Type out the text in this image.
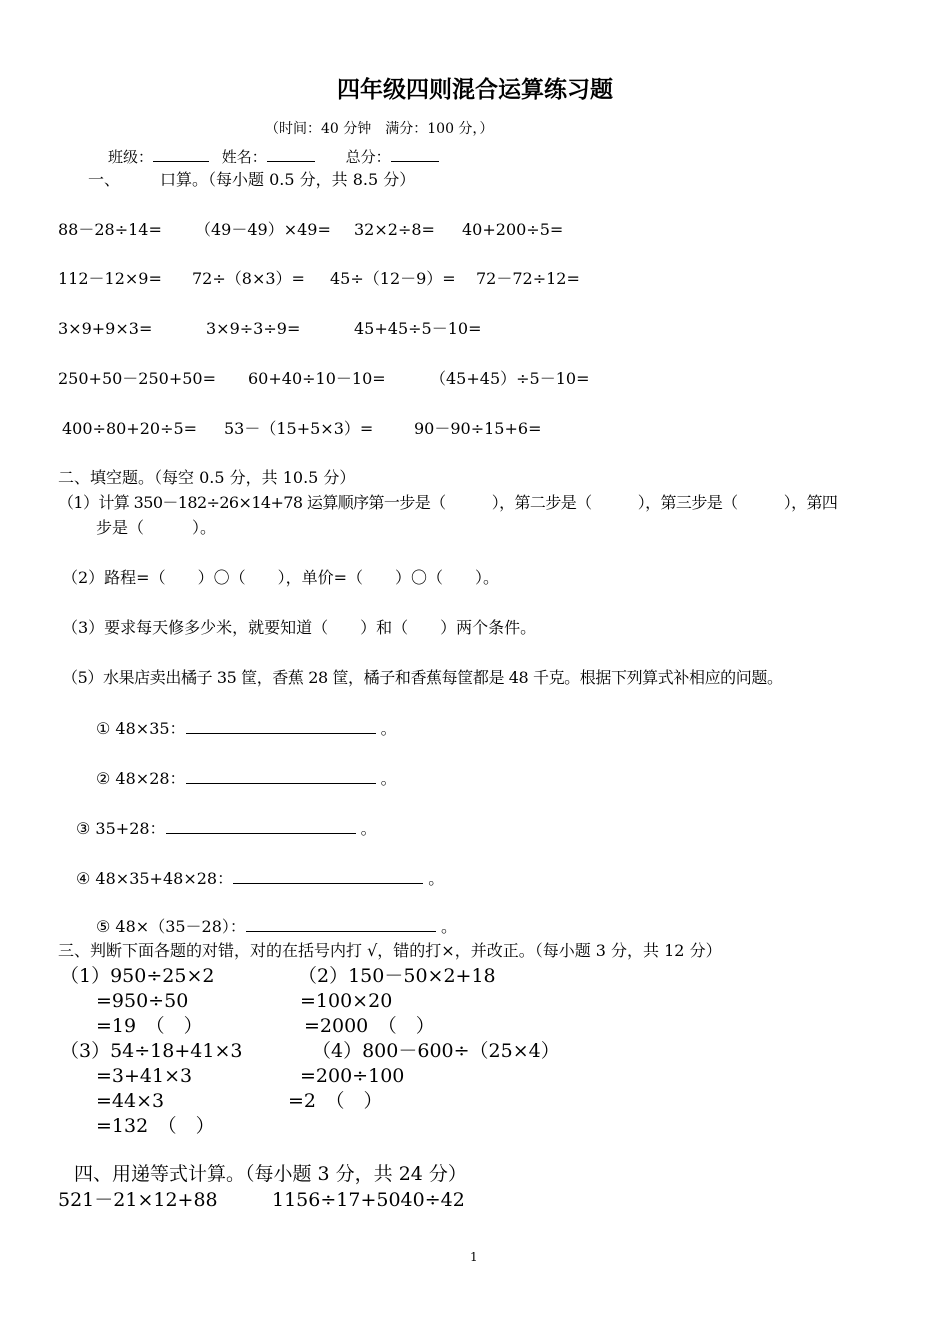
四年级四则混合运算练习题
（时间：40 分钟　满分：100 分，）
班级：	姓名：	总分：
一、 口算。（每小题 0.5 分，共 8.5 分）
88－28÷14= （49－49）×49= 32×2÷8= 40+200÷5=
112－12×9= 72÷（8×3）= 45÷（12－9）= 72－72÷12=
3×9+9×3=	3×9÷3÷9=	45+45÷5－10=
250+50－250+50= 60+40÷10－10=	（45+45）÷5－10=
400÷80+20÷5= 53－（15+5×3）=	90－90÷15+6=
二、填空题。（每空 0.5 分，共 10.5 分）
（1）计算 350－182÷26×14+78 运算顺序第一步是（　　　），第二步是（　　　），第三步是（　　　），第四
步是（　　　）。
（2）路程=（　　）〇（　　），单价=（　　）〇（　　）。
（3）要求每天修多少米，就要知道（　　）和（　　）两个条件。
（5）水果店卖出橘子 35 筐，香蕉 28 筐，橘子和香蕉每筐都是 48 千克。根据下列算式补相应的问题。
① 48×35：	。
② 48×28：	。
③ 35+28：	。
④ 48×35+48×28：	。
⑤ 48×（35－28）：	。
三、判断下面各题的对错，对的在括号内打 √，错的打×，并改正。（每小题 3 分，共 12 分）
（1）950÷25×2
=950÷50
=19　（　）
（3）54÷18+41×3
=3+41×3
=44×3
=132　（　）
（2）150－50×2+18
=100×20
=2000　（　）
（4）800－600÷（25×4）
=200÷100
=2　（　）
四、用递等式计算。（每小题 3 分，共 24 分）
521－21×12+88	1156÷17+5040÷42
1
